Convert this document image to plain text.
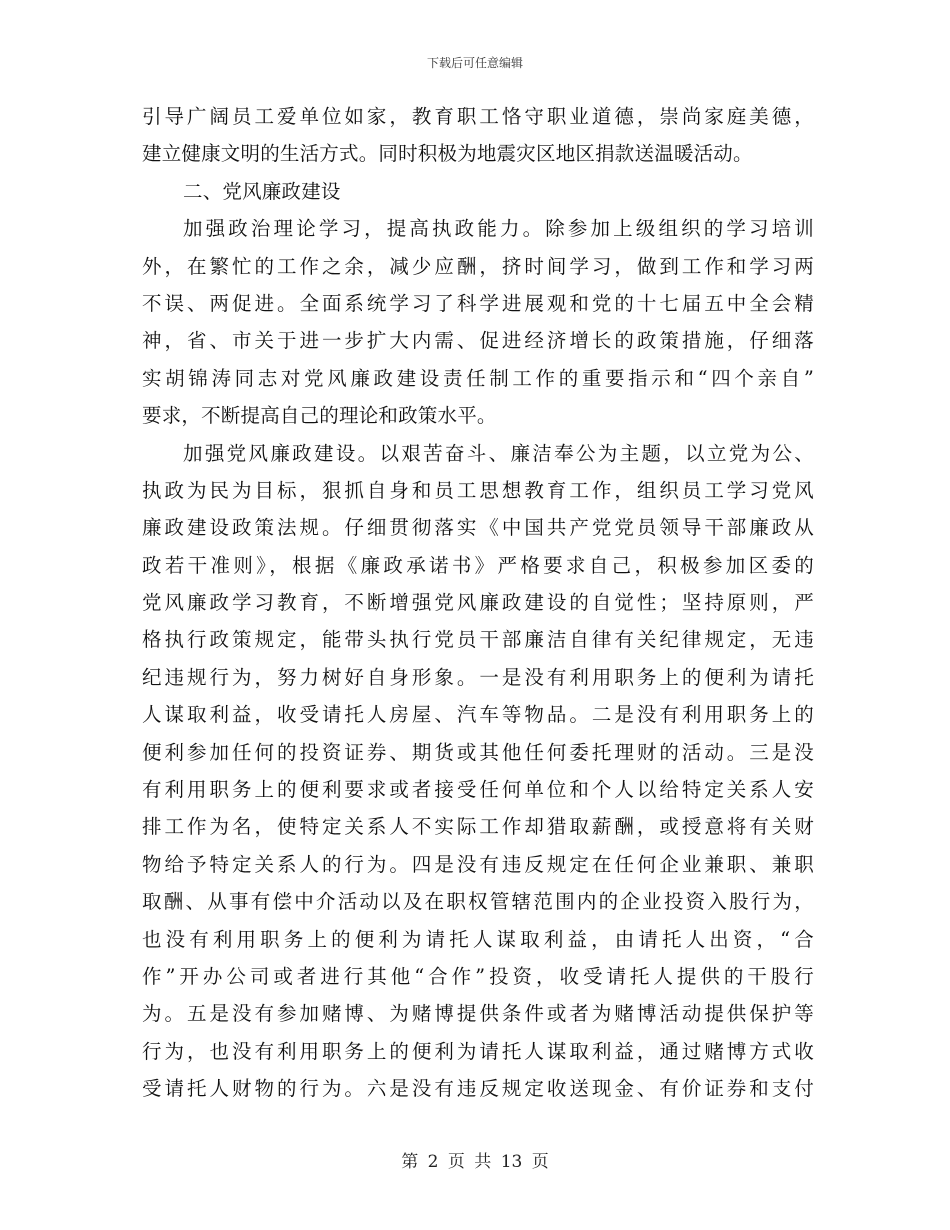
下载后可任意编辑
引导广阔员工爱单位如家，教育职工恪守职业道德，崇尚家庭美德，
建立健康文明的生活方式。同时积极为地震灾区地区捐款送温暖活动。
二、党风廉政建设
加强政治理论学习，提高执政能力。除参加上级组织的学习培训
外，在繁忙的工作之余，减少应酬，挤时间学习，做到工作和学习两
不误、两促进。全面系统学习了科学进展观和党的十七届五中全会精
神，省、市关于进一步扩大内需、促进经济增长的政策措施，仔细落
实胡锦涛同志对党风廉政建设责任制工作的重要指示和“四个亲自”
要求，不断提高自己的理论和政策水平。
加强党风廉政建设。以艰苦奋斗、廉洁奉公为主题，以立党为公、
执政为民为目标，狠抓自身和员工思想教育工作，组织员工学习党风
廉政建设政策法规。仔细贯彻落实《中国共产党党员领导干部廉政从
政若干准则》，根据《廉政承诺书》严格要求自己，积极参加区委的
党风廉政学习教育，不断增强党风廉政建设的自觉性；坚持原则，严
格执行政策规定，能带头执行党员干部廉洁自律有关纪律规定，无违
纪违规行为，努力树好自身形象。一是没有利用职务上的便利为请托
人谋取利益，收受请托人房屋、汽车等物品。二是没有利用职务上的
便利参加任何的投资证券、期货或其他任何委托理财的活动。三是没
有利用职务上的便利要求或者接受任何单位和个人以给特定关系人安
排工作为名，使特定关系人不实际工作却猎取薪酬，或授意将有关财
物给予特定关系人的行为。四是没有违反规定在任何企业兼职、兼职
取酬、从事有偿中介活动以及在职权管辖范围内的企业投资入股行为，
也没有利用职务上的便利为请托人谋取利益，由请托人出资，“合
作”开办公司或者进行其他“合作”投资，收受请托人提供的干股行
为。五是没有参加赌博、为赌博提供条件或者为赌博活动提供保护等
行为，也没有利用职务上的便利为请托人谋取利益，通过赌博方式收
受请托人财物的行为。六是没有违反规定收送现金、有价证券和支付
第 2 页 共 13 页
